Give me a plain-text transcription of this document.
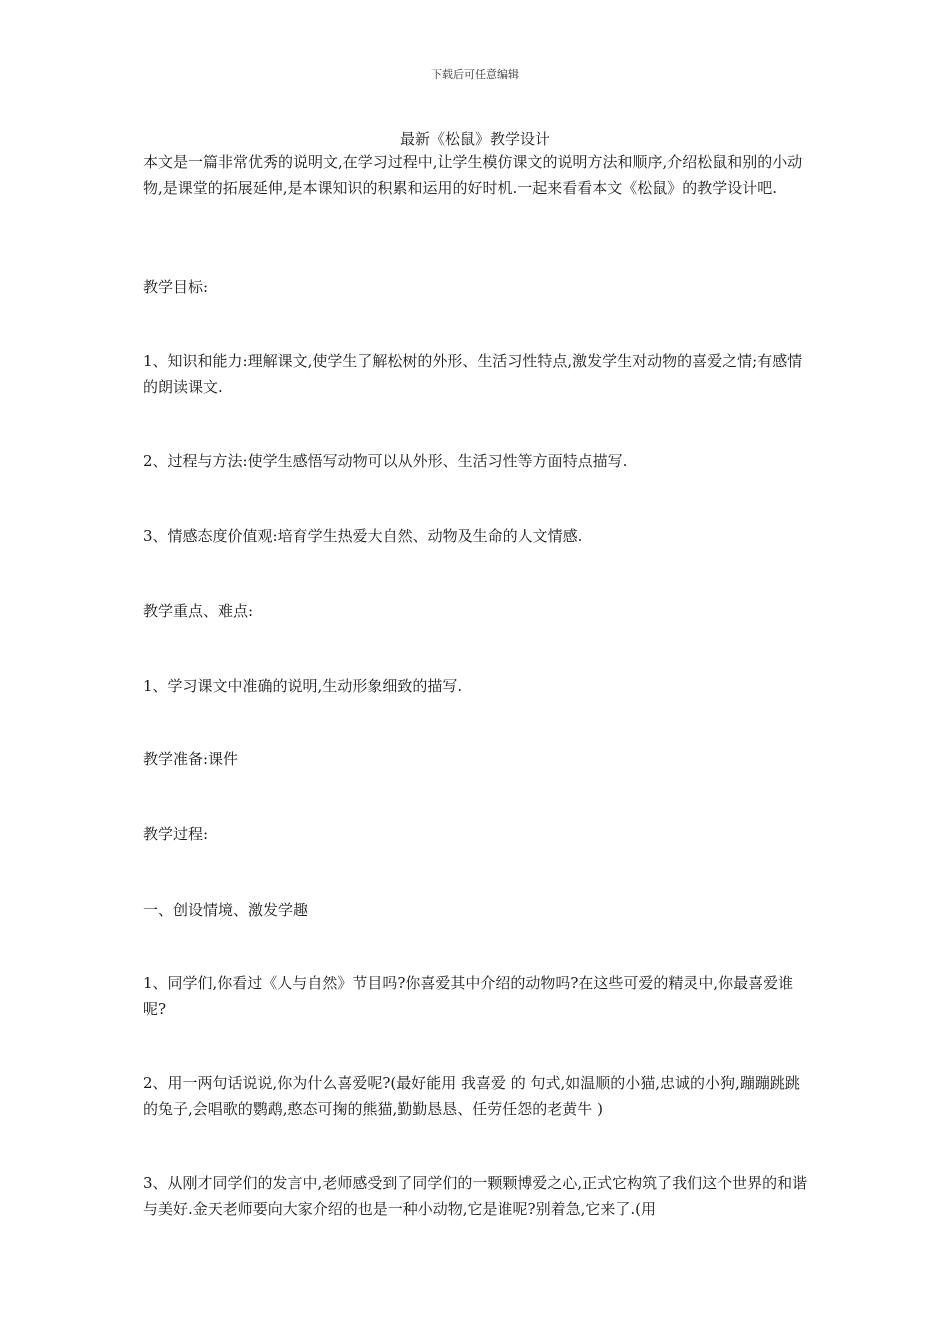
下载后可任意编辑
最新《松鼠》教学设计

本文是一篇非常优秀的说明文,在学习过程中,让学生模仿课文的说明方法和顺序,介绍松鼠和别的小动物,是课堂的拓展延伸,是本课知识的积累和运用的好时机.一起来看看本文《松鼠》的教学设计吧.

教学目标:

1、知识和能力:理解课文,使学生了解松树的外形、生活习性特点,激发学生对动物的喜爱之情;有感情的朗读课文.

2、过程与方法:使学生感悟写动物可以从外形、生活习性等方面特点描写.

3、情感态度价值观:培育学生热爱大自然、动物及生命的人文情感.

教学重点、难点:

1、学习课文中准确的说明,生动形象细致的描写.

教学准备:课件

教学过程:

一、创设情境、激发学趣

1、同学们,你看过《人与自然》节目吗?你喜爱其中介绍的动物吗?在这些可爱的精灵中,你最喜爱谁呢?

2、用一两句话说说,你为什么喜爱呢?(最好能用 我喜爱 的 句式,如温顺的小猫,忠诚的小狗,蹦蹦跳跳的兔子,会唱歌的鹦鹉,憨态可掬的熊猫,勤勤恳恳、任劳任怨的老黄牛 )

3、从刚才同学们的发言中,老师感受到了同学们的一颗颗博爱之心,正式它构筑了我们这个世界的和谐与美好.金天老师要向大家介绍的也是一种小动物,它是谁呢?别着急,它来了.(用
